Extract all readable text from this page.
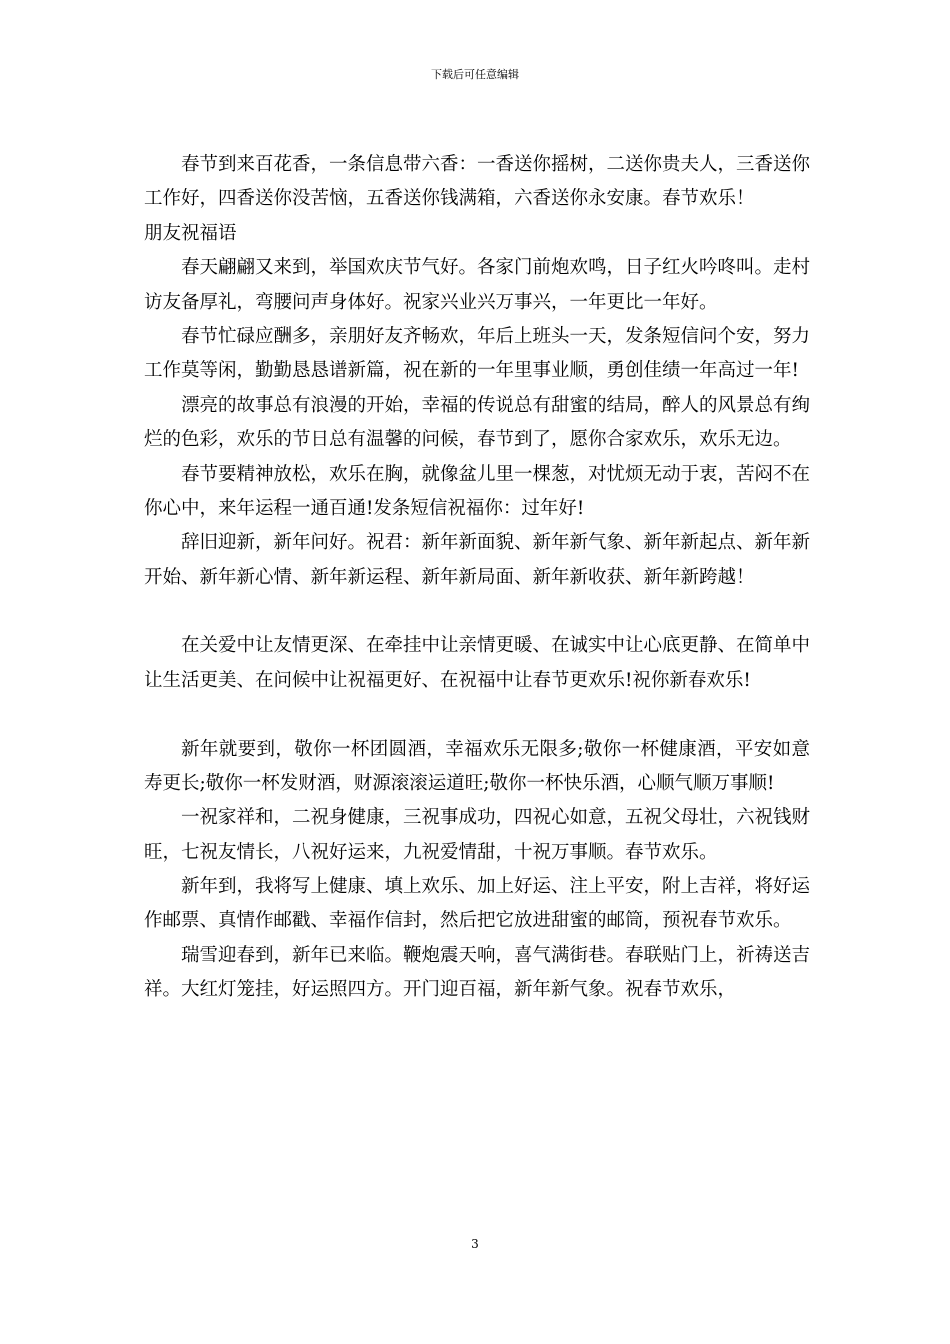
下载后可任意编辑

春节到来百花香，一条信息带六香：一香送你摇树，二送你贵夫人，三香送你工作好，四香送你没苦恼，五香送你钱满箱，六香送你永安康。春节欢乐！

朋友祝福语

春天翩翩又来到，举国欢庆节气好。各家门前炮欢鸣，日子红火吟咚叫。走村访友备厚礼，弯腰问声身体好。祝家兴业兴万事兴，一年更比一年好。

春节忙碌应酬多，亲朋好友齐畅欢，年后上班头一天，发条短信问个安，努力工作莫等闲，勤勤恳恳谱新篇，祝在新的一年里事业顺，勇创佳绩一年高过一年!

漂亮的故事总有浪漫的开始，幸福的传说总有甜蜜的结局，醉人的风景总有绚烂的色彩，欢乐的节日总有温馨的问候，春节到了，愿你合家欢乐，欢乐无边。

春节要精神放松，欢乐在胸，就像盆儿里一棵葱，对忧烦无动于衷，苦闷不在你心中，来年运程一通百通!发条短信祝福你：过年好!

辞旧迎新，新年问好。祝君：新年新面貌、新年新气象、新年新起点、新年新开始、新年新心情、新年新运程、新年新局面、新年新收获、新年新跨越！

在关爱中让友情更深、在牵挂中让亲情更暖、在诚实中让心底更静、在简单中让生活更美、在问候中让祝福更好、在祝福中让春节更欢乐!祝你新春欢乐!

新年就要到，敬你一杯团圆酒，幸福欢乐无限多;敬你一杯健康酒，平安如意寿更长;敬你一杯发财酒，财源滚滚运道旺;敬你一杯快乐酒，心顺气顺万事顺!

一祝家祥和，二祝身健康，三祝事成功，四祝心如意，五祝父母壮，六祝钱财旺，七祝友情长，八祝好运来，九祝爱情甜，十祝万事顺。春节欢乐。

新年到，我将写上健康、填上欢乐、加上好运、注上平安，附上吉祥，将好运作邮票、真情作邮戳、幸福作信封，然后把它放进甜蜜的邮筒，预祝春节欢乐。

瑞雪迎春到，新年已来临。鞭炮震天响，喜气满街巷。春联贴门上，祈祷送吉祥。大红灯笼挂，好运照四方。开门迎百福，新年新气象。祝春节欢乐，

3
